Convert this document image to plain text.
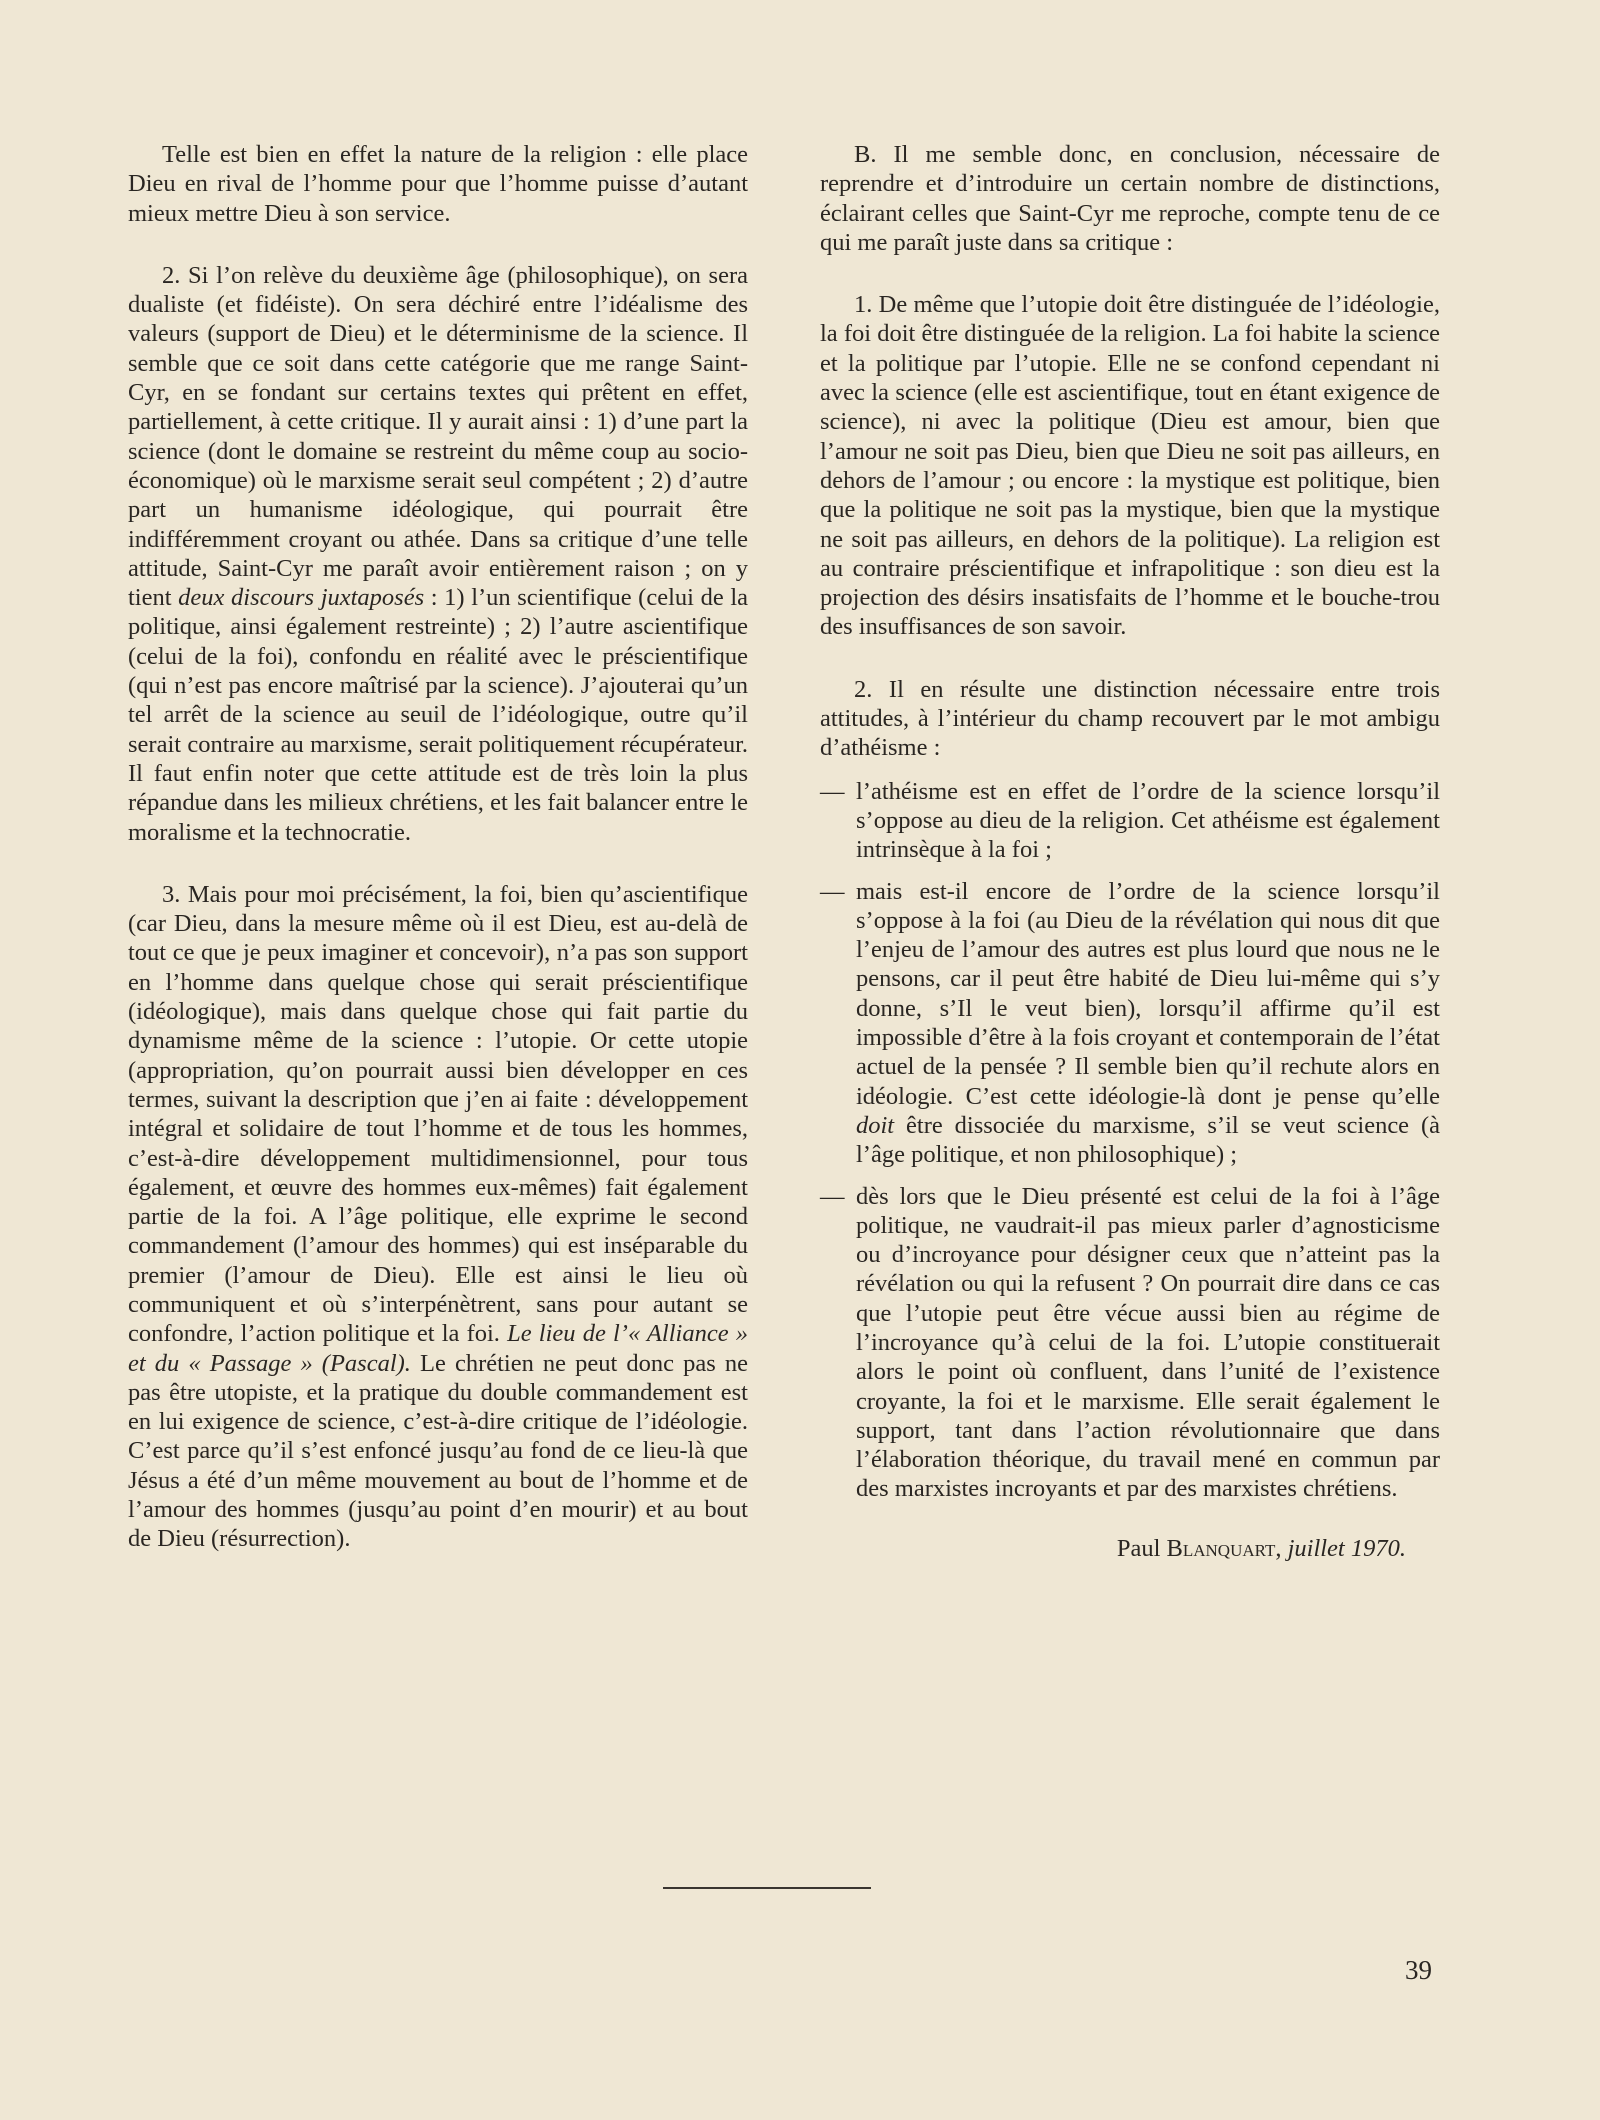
Telle est bien en effet la nature de la religion : elle place Dieu en rival de l’homme pour que l’homme puisse d’autant mieux mettre Dieu à son service.

2. Si l’on relève du deuxième âge (philosophique), on sera dualiste (et fidéiste). On sera déchiré entre l’idéalisme des valeurs (support de Dieu) et le déterminisme de la science. Il semble que ce soit dans cette catégorie que me range Saint-Cyr, en se fondant sur certains textes qui prêtent en effet, partiellement, à cette critique. Il y aurait ainsi : 1) d’une part la science (dont le domaine se restreint du même coup au socio-économique) où le marxisme serait seul compétent ; 2) d’autre part un humanisme idéologique, qui pourrait être indifféremment croyant ou athée. Dans sa critique d’une telle attitude, Saint-Cyr me paraît avoir entièrement raison ; on y tient deux discours juxtaposés : 1) l’un scientifique (celui de la politique, ainsi également restreinte) ; 2) l’autre ascientifique (celui de la foi), confondu en réalité avec le préscientifique (qui n’est pas encore maîtrisé par la science). J’ajouterai qu’un tel arrêt de la science au seuil de l’idéologique, outre qu’il serait contraire au marxisme, serait politiquement récupérateur. Il faut enfin noter que cette attitude est de très loin la plus répandue dans les milieux chrétiens, et les fait balancer entre le moralisme et la technocratie.

3. Mais pour moi précisément, la foi, bien qu’ascientifique (car Dieu, dans la mesure même où il est Dieu, est au-delà de tout ce que je peux imaginer et concevoir), n’a pas son support en l’homme dans quelque chose qui serait préscientifique (idéologique), mais dans quelque chose qui fait partie du dynamisme même de la science : l’utopie. Or cette utopie (appropriation, qu’on pourrait aussi bien développer en ces termes, suivant la description que j’en ai faite : développement intégral et solidaire de tout l’homme et de tous les hommes, c’est-à-dire développement multidimensionnel, pour tous également, et œuvre des hommes eux-mêmes) fait également partie de la foi. A l’âge politique, elle exprime le second commandement (l’amour des hommes) qui est inséparable du premier (l’amour de Dieu). Elle est ainsi le lieu où communiquent et où s’interpénètrent, sans pour autant se confondre, l’action politique et la foi. Le lieu de l’« Alliance » et du « Passage » (Pascal). Le chrétien ne peut donc pas ne pas être utopiste, et la pratique du double commandement est en lui exigence de science, c’est-à-dire critique de l’idéologie. C’est parce qu’il s’est enfoncé jusqu’au fond de ce lieu-là que Jésus a été d’un même mouvement au bout de l’homme et de l’amour des hommes (jusqu’au point d’en mourir) et au bout de Dieu (résurrection).

B. Il me semble donc, en conclusion, nécessaire de reprendre et d’introduire un certain nombre de distinctions, éclairant celles que Saint-Cyr me reproche, compte tenu de ce qui me paraît juste dans sa critique :

1. De même que l’utopie doit être distinguée de l’idéologie, la foi doit être distinguée de la religion. La foi habite la science et la politique par l’utopie. Elle ne se confond cependant ni avec la science (elle est ascientifique, tout en étant exigence de science), ni avec la politique (Dieu est amour, bien que l’amour ne soit pas Dieu, bien que Dieu ne soit pas ailleurs, en dehors de l’amour ; ou encore : la mystique est politique, bien que la politique ne soit pas la mystique, bien que la mystique ne soit pas ailleurs, en dehors de la politique). La religion est au contraire préscientifique et infrapolitique : son dieu est la projection des désirs insatisfaits de l’homme et le bouche-trou des insuffisances de son savoir.

2. Il en résulte une distinction nécessaire entre trois attitudes, à l’intérieur du champ recouvert par le mot ambigu d’athéisme :

— l’athéisme est en effet de l’ordre de la science lorsqu’il s’oppose au dieu de la religion. Cet athéisme est également intrinsèque à la foi ;
— mais est-il encore de l’ordre de la science lorsqu’il s’oppose à la foi (au Dieu de la révélation qui nous dit que l’enjeu de l’amour des autres est plus lourd que nous ne le pensons, car il peut être habité de Dieu lui-même qui s’y donne, s’Il le veut bien), lorsqu’il affirme qu’il est impossible d’être à la fois croyant et contemporain de l’état actuel de la pensée ? Il semble bien qu’il rechute alors en idéologie. C’est cette idéologie-là dont je pense qu’elle doit être dissociée du marxisme, s’il se veut science (à l’âge politique, et non philosophique) ;
— dès lors que le Dieu présenté est celui de la foi à l’âge politique, ne vaudrait-il pas mieux parler d’agnosticisme ou d’incroyance pour désigner ceux que n’atteint pas la révélation ou qui la refusent ? On pourrait dire dans ce cas que l’utopie peut être vécue aussi bien au régime de l’incroyance qu’à celui de la foi. L’utopie constituerait alors le point où confluent, dans l’unité de l’existence croyante, la foi et le marxisme. Elle serait également le support, tant dans l’action révolutionnaire que dans l’élaboration théorique, du travail mené en commun par des marxistes incroyants et par des marxistes chrétiens.
Paul Blanquart, juillet 1970.
39
